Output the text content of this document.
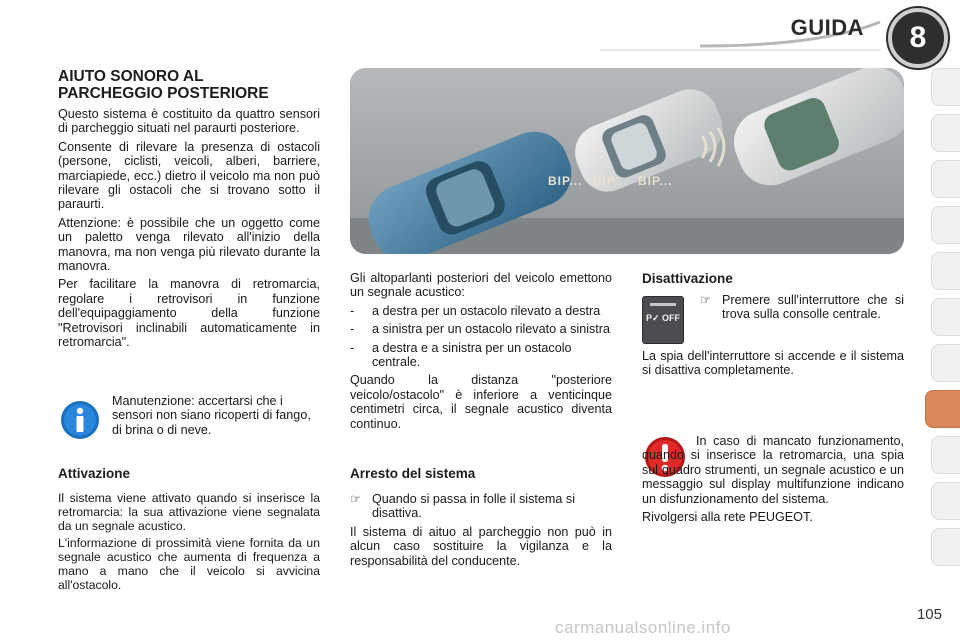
GUIDA	8
AIUTO SONORO AL
PARCHEGGIO POSTERIORE

Questo sistema è costituito da quattro sensori di parcheggio situati nel paraurti posteriore.

Consente di rilevare la presenza di ostacoli (persone, ciclisti, veicoli, alberi, barriere, marciapiede, ecc.) dietro il veicolo ma non può rilevare gli ostacoli che si trovano sotto il paraurti.

Attenzione: è possibile che un oggetto come un paletto venga rilevato all'inizio della manovra, ma non venga più rilevato durante la manovra.

Per facilitare la manovra di retromarcia, regolare i retrovisori in funzione dell'equipaggiamento della funzione "Retrovisori inclinabili automaticamente in retromarcia".

Manutenzione: accertarsi che i sensori non siano ricoperti di fango, di brina o di neve.
Attivazione

Il sistema viene attivato quando si inserisce la retromarcia: la sua attivazione viene segnalata da un segnale acustico.

L'informazione di prossimità viene fornita da un segnale acustico che aumenta di frequenza a mano a mano che il veicolo si avvicina all'ostacolo.

BIP... BIP... BIP...

Gli altoparlanti posteriori del veicolo emettono un segnale acustico:

-	a destra per un ostacolo rilevato a destra
-	a sinistra per un ostacolo rilevato a sinistra
-	a destra e a sinistra per un ostacolo centrale.

Quando la distanza "posteriore veicolo/ostacolo" è inferiore a venticinque centimetri circa, il segnale acustico diventa continuo.

Arresto del sistema
☞ Quando si passa in folle il sistema si disattiva.

Il sistema di aituo al parcheggio non può in alcun caso sostituire la vigilanza e la responsabilità del conducente.

Disattivazione
P✓ OFF
☞ Premere sull'interruttore che si trova sulla consolle centrale.

La spia dell'interruttore si accende e il sistema si disattiva completamente.

In caso di mancato funzionamento, quando si inserisce la retromarcia, una spia sul quadro strumenti, un segnale acustico e un messaggio sul display multifunzione indicano un disfunzionamento del sistema.

Rivolgersi alla rete PEUGEOT.

105
carmanualsonline.info
